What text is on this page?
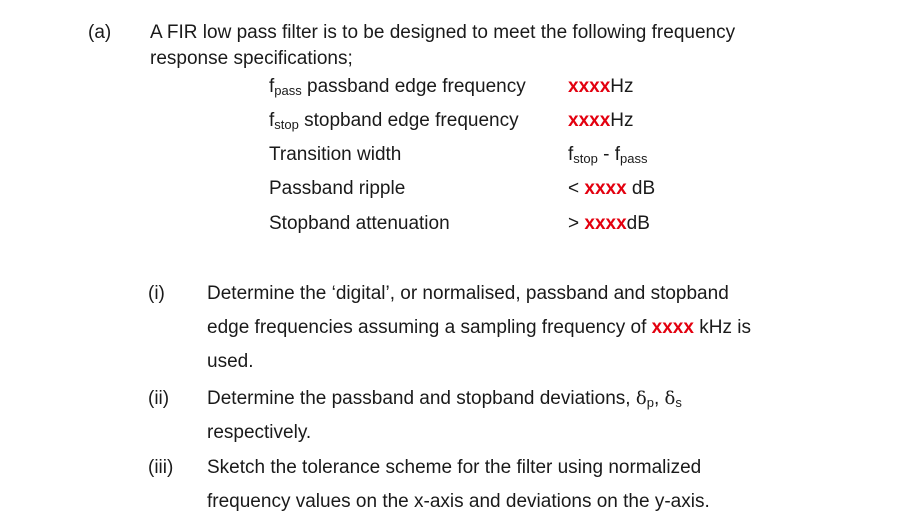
(a) A FIR low pass filter is to be designed to meet the following frequency
response specifications;
$f_{pass}$ passband edge frequency xxxxHz
$f_{stop}$ stopband edge frequency	xxxxHz
Transition width	$f_{stop} - f_{pass}$
Passband ripple	< xxxx dB
Stopband attenuation	> xxxxdB
(i) Determine the ‘digital’, or normalised, passband and stopband
edge frequencies assuming a sampling frequency of xxxx kHz is
used.
(ii) Determine the passband and stopband deviations, δp, δs
respectively.
(iii) Sketch the tolerance scheme for the filter using normalized
frequency values on the x-axis and deviations on the y-axis.
